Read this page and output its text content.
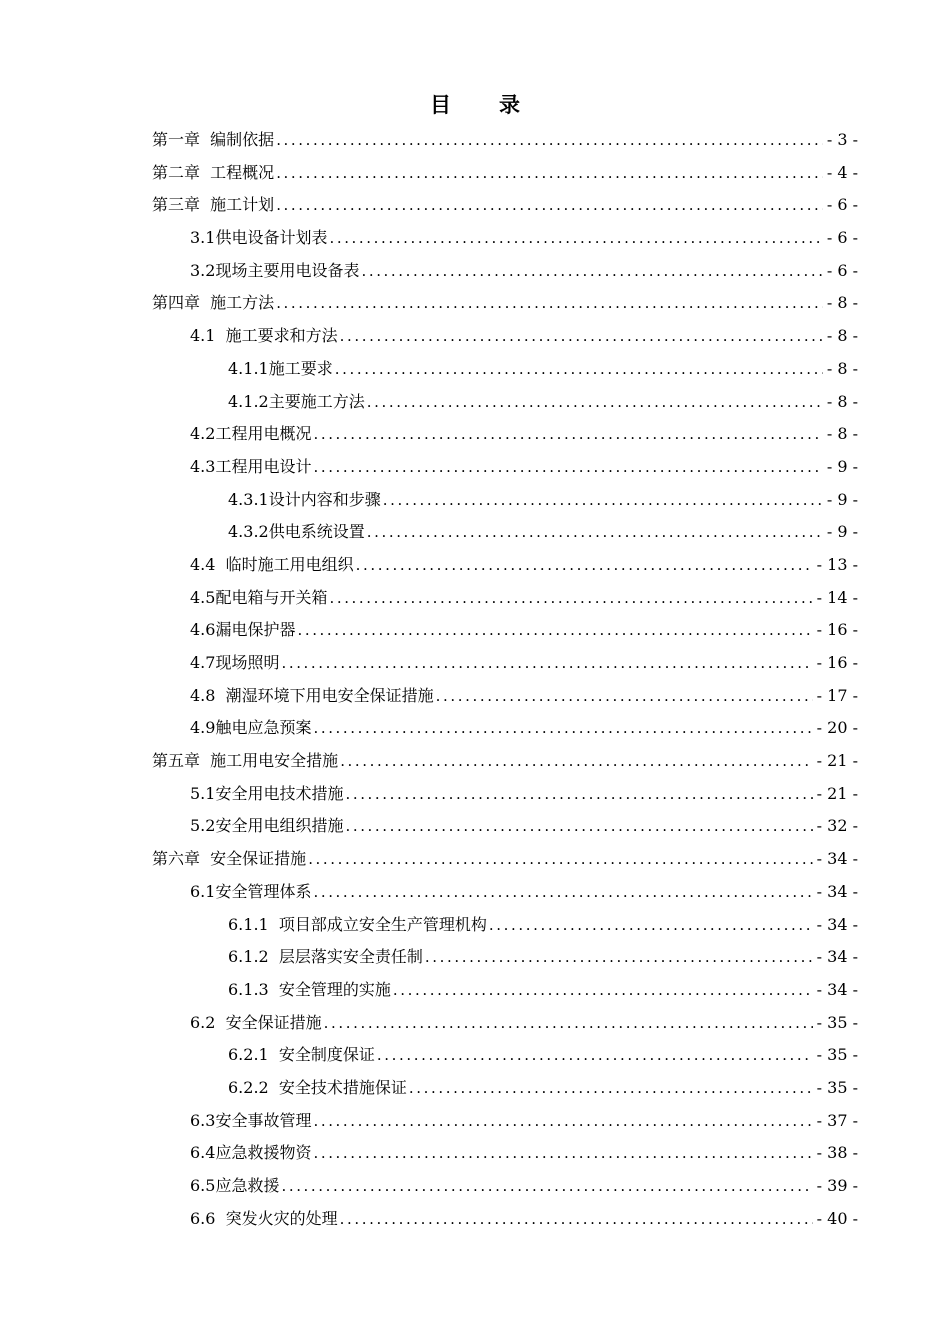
目录
第一章  编制依据 .....	- 3 -
第二章  工程概况 .....	- 4 -
第三章  施工计划 .....	- 6 -
3.1供电设备计划表 .....	- 6 -
3.2现场主要用电设备表 .....	- 6 -
第四章  施工方法 .....	- 8 -
4.1  施工要求和方法 .....	- 8 -
4.1.1施工要求 .....	- 8 -
4.1.2主要施工方法 .....	- 8 -
4.2工程用电概况 .....	- 8 -
4.3工程用电设计 .....	- 9 -
4.3.1设计内容和步骤 .....	- 9 -
4.3.2供电系统设置 .....	- 9 -
4.4  临时施工用电组织 .....	- 13 -
4.5配电箱与开关箱 .....	- 14 -
4.6漏电保护器 .....	- 16 -
4.7现场照明 .....	- 16 -
4.8  潮湿环境下用电安全保证措施 .....	- 17 -
4.9触电应急预案 .....	- 20 -
第五章  施工用电安全措施 .....	- 21 -
5.1安全用电技术措施 .....	- 21 -
5.2安全用电组织措施 .....	- 32 -
第六章  安全保证措施 .....	- 34 -
6.1安全管理体系 .....	- 34 -
6.1.1  项目部成立安全生产管理机构 .....	- 34 -
6.1.2  层层落实安全责任制 .....	- 34 -
6.1.3  安全管理的实施 .....	- 34 -
6.2  安全保证措施 .....	- 35 -
6.2.1  安全制度保证 .....	- 35 -
6.2.2  安全技术措施保证 .....	- 35 -
6.3安全事故管理 .....	- 37 -
6.4应急救援物资 .....	- 38 -
6.5应急救援 .....	- 39 -
6.6  突发火灾的处理 .....	- 40 -
